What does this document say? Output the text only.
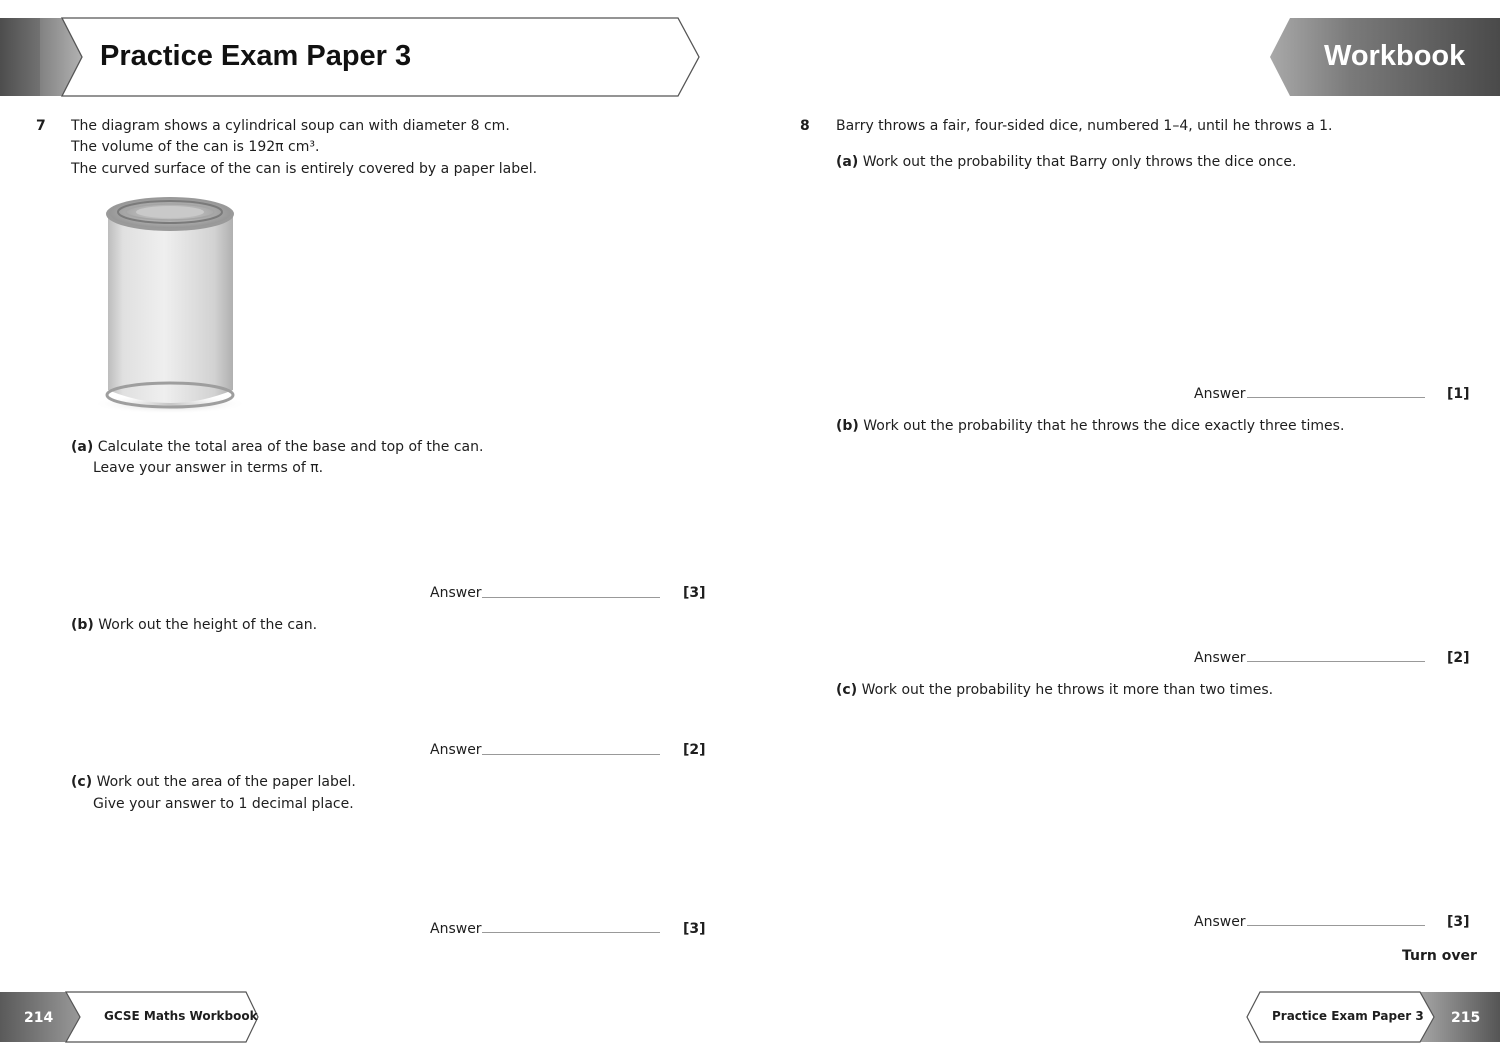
Practice Exam Paper 3	Workbook
7 The diagram shows a cylindrical soup can with diameter 8 cm.
The volume of the can is 192π cm³.
The curved surface of the can is entirely covered by a paper label.
(a) Calculate the total area of the base and top of the can.
Leave your answer in terms of π.
Answer	[3]
(b) Work out the height of the can.
Answer	[2]
(c) Work out the area of the paper label.
Give your answer to 1 decimal place.
Answer	[3]
8 Barry throws a fair, four-sided dice, numbered 1–4, until he throws a 1.
(a) Work out the probability that Barry only throws the dice once.
Answer	[1]
(b) Work out the probability that he throws the dice exactly three times.
Answer	[2]
(c) Work out the probability he throws it more than two times.
Answer	[3]
Turn over
214	GCSE Maths Workbook	Practice Exam Paper 3 215
